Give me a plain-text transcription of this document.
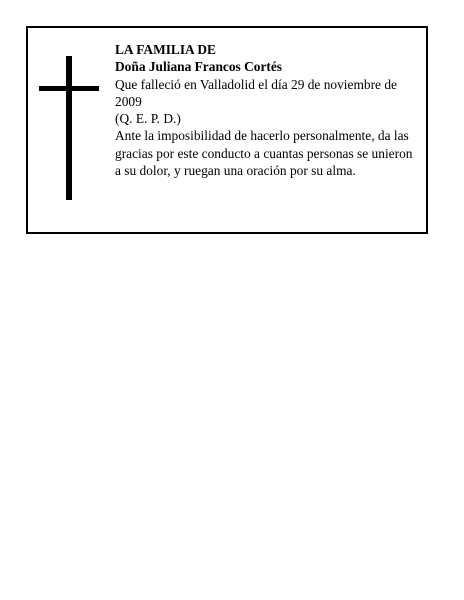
LA FAMILIA DE

Doña Juliana Francos Cortés

Que falleció en Valladolid el día 29 de noviembre de 2009

(Q. E. P. D.)

Ante la imposibilidad de hacerlo personalmente, da las gracias por este conducto a cuantas personas se unieron a su dolor, y ruegan una oración por su alma.
